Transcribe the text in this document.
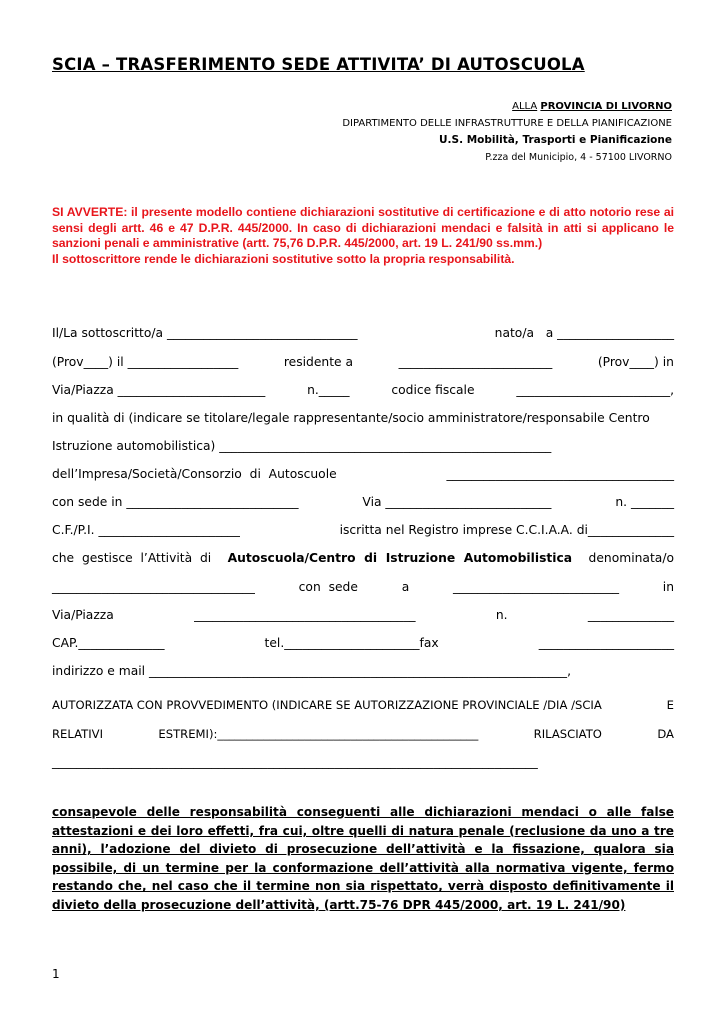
SCIA – TRASFERIMENTO SEDE ATTIVITA’ DI AUTOSCUOLA
ALLA PROVINCIA DI LIVORNO
DIPARTIMENTO DELLE INFRASTRUTTURE E DELLA PIANIFICAZIONE
U.S. Mobilità, Trasporti e Pianificazione
P.zza del Municipio, 4 - 57100 LIVORNO

SI AVVERTE: il presente modello contiene dichiarazioni sostitutive di certificazione e di atto notorio rese ai sensi degli artt. 46 e 47 D.P.R. 445/2000. In caso di dichiarazioni mendaci e falsità in atti si applicano le sanzioni penali e amministrative (artt. 75,76 D.P.R. 445/2000, art. 19 L. 241/90 ss.mm.)

Il sottoscrittore rende le dichiarazioni sostitutive sotto la propria responsabilità.

Il/La sottoscritto/a _______________________________	nato/a   a ___________________
(Prov____) il __________________	residente a	_________________________	(Prov____) in
Via/Piazza ________________________	n._____	codice fiscale	_________________________,
in qualità di (indicare se titolare/legale rappresentante/socio amministratore/responsabile Centro
Istruzione automobilistica) ______________________________________________________
dell’Impresa/Società/Consorzio  di  Autoscuole	_____________________________________
con sede in ____________________________	Via ___________________________	n. _______
C.F./P.I. _______________________	iscritta nel Registro imprese C.C.I.A.A. di______________
che  gestisce  l’Attività  di Autoscuola/Centro  di  Istruzione  Automobilistica denominata/o
_________________________________	con  sede	a	___________________________	in
Via/Piazza	____________________________________	n.	______________
CAP.______________	tel.______________________fax	______________________
indirizzo e mail ____________________________________________________________________,
AUTORIZZATA CON PROVVEDIMENTO (INDICARE SE AUTORIZZAZIONE PROVINCIALE /DIA /SCIA	E
RELATIVI	ESTREMI):_____________________________________________	RILASCIATO	DA
_______________________________________________________________________________
consapevole delle responsabilità conseguenti alle dichiarazioni mendaci o alle false attestazioni e dei loro effetti, fra cui, oltre quelli di natura penale (reclusione da uno a tre anni), l’adozione del divieto di prosecuzione dell’attività e la fissazione, qualora sia possibile, di un termine per la conformazione dell’attività alla normativa vigente, fermo restando che, nel caso che il termine non sia rispettato, verrà disposto definitivamente il divieto della prosecuzione dell’attività, (artt.75-76 DPR 445/2000, art. 19 L. 241/90)
1
